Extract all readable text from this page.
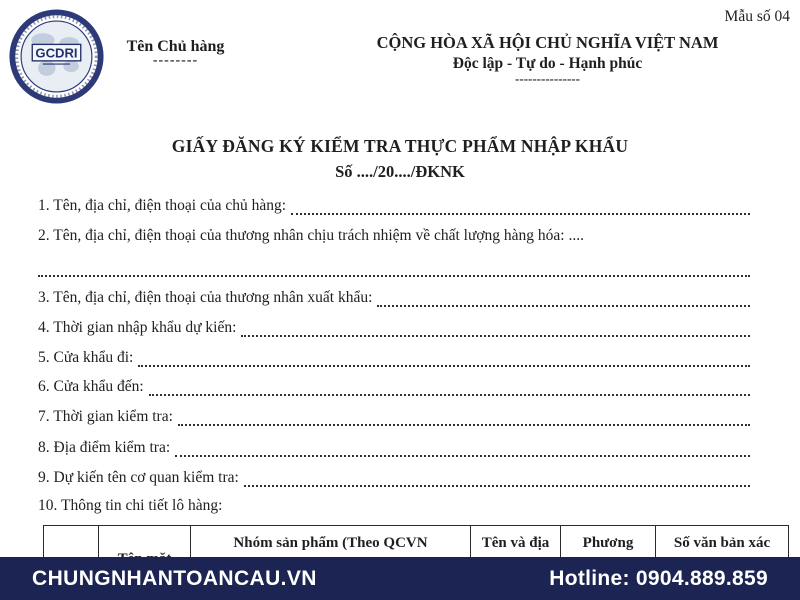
GCDRI	Tên Chủ hàng
--------
CỘNG HÒA XÃ HỘI CHỦ NGHĨA VIỆT NAM
Độc lập - Tự do - Hạnh phúc
---------------
Mẫu số 04
GIẤY ĐĂNG KÝ KIỂM TRA THỰC PHẨM NHẬP KHẨU
Số ..../20..../ĐKNK
1. Tên, địa chỉ, điện thoại của chủ hàng:
2. Tên, địa chỉ, điện thoại của thương nhân chịu trách nhiệm về chất lượng hàng hóa: ....
3. Tên, địa chỉ, điện thoại của thương nhân xuất khẩu:
4. Thời gian nhập khẩu dự kiến:
5. Cửa khẩu đi:
6. Cửa khẩu đến:
7. Thời gian kiểm tra:
8. Địa điểm kiểm tra:
9. Dự kiến tên cơ quan kiểm tra:
10. Thông tin chi tiết lô hàng:
Nhóm sản phẩm (Theo QCVN	Tên và địa	Phương	Số văn bản xác
CHUNGNHANTOANCAU.VN	Hotline: 0904.889.859
